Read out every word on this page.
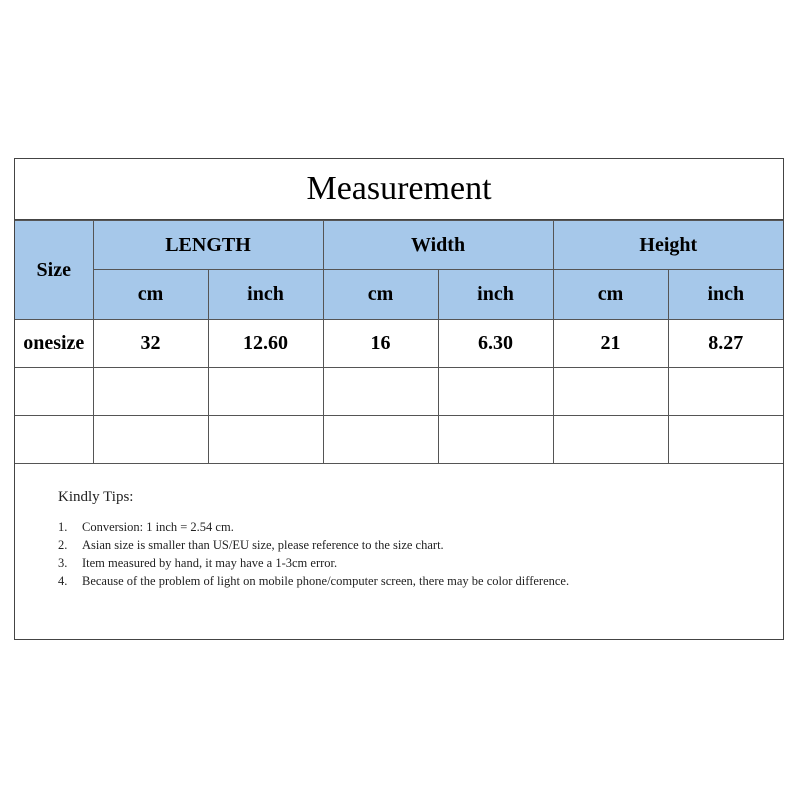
Measurement
Size	LENGTH		Width		Height	
	cm	inch	cm	inch	cm	inch
onesize	32	12.60	16	6.30	21	8.27

Kindly Tips:
1.	Conversion: 1 inch = 2.54 cm.
2.	Asian size is smaller than US/EU size, please reference to the size chart.
3.	Item measured by hand, it may have a 1-3cm error.
4.	Because of the problem of light on mobile phone/computer screen, there may be color difference.
